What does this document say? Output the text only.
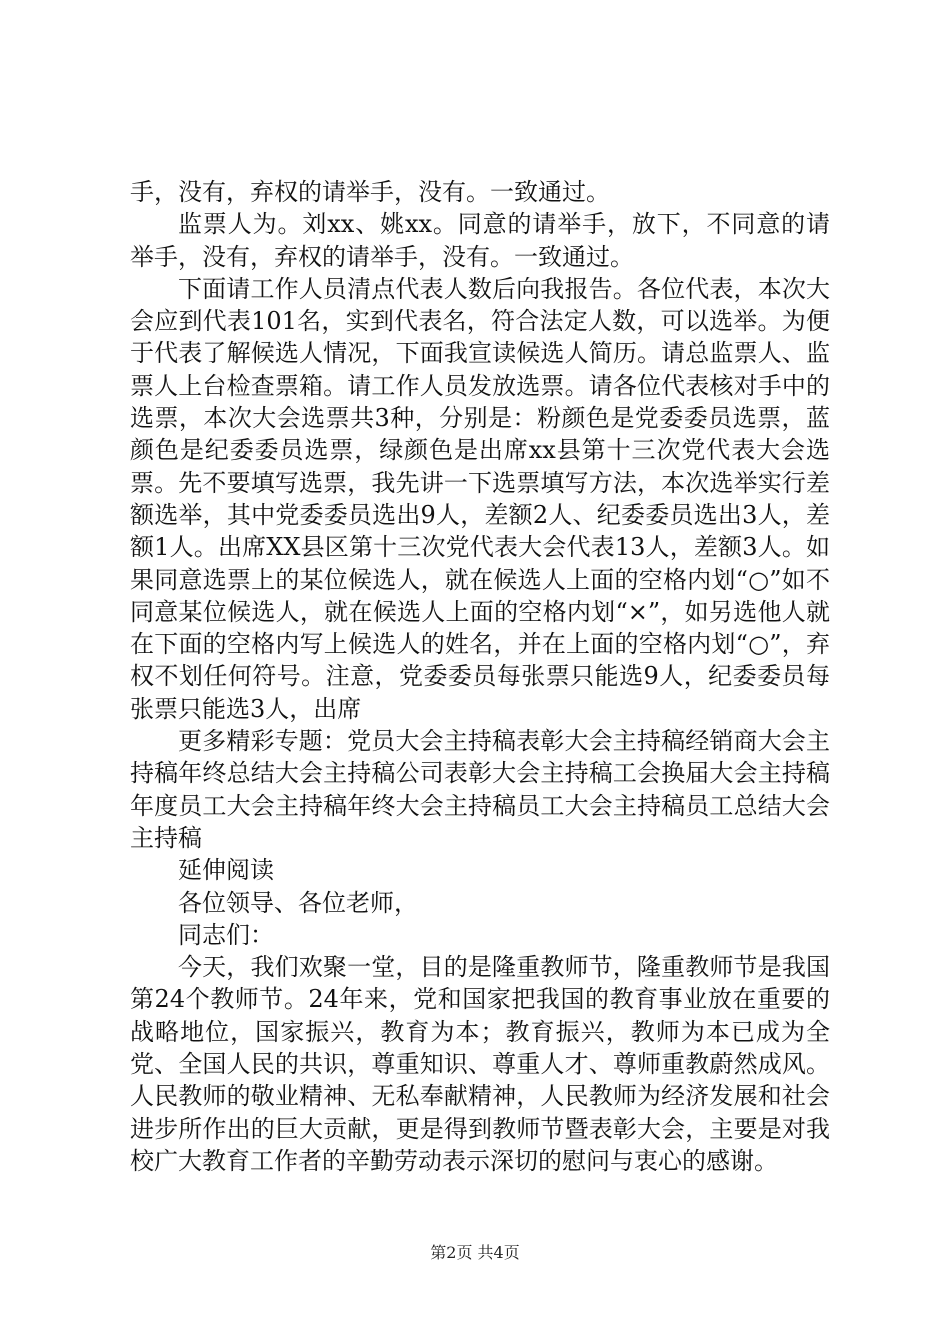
手，没有，弃权的请举手，没有。一致通过。

监票人为。刘xx、姚xx。同意的请举手，放下，不同意的请举手，没有，弃权的请举手，没有。一致通过。

下面请工作人员清点代表人数后向我报告。各位代表，本次大会应到代表101名，实到代表名，符合法定人数，可以选举。为便于代表了解候选人情况，下面我宣读候选人简历。请总监票人、监票人上台检查票箱。请工作人员发放选票。请各位代表核对手中的选票，本次大会选票共3种，分别是：粉颜色是党委委员选票，蓝颜色是纪委委员选票，绿颜色是出席xx县第十三次党代表大会选票。先不要填写选票，我先讲一下选票填写方法，本次选举实行差额选举，其中党委委员选出9人，差额2人、纪委委员选出3人，差额1人。出席XX县区第十三次党代表大会代表13人，差额3人。如果同意选票上的某位候选人，就在候选人上面的空格内划“○”如不同意某位候选人，就在候选人上面的空格内划“×”，如另选他人就在下面的空格内写上候选人的姓名，并在上面的空格内划“○”，弃权不划任何符号。注意，党委委员每张票只能选9人，纪委委员每张票只能选3人，出席

更多精彩专题：党员大会主持稿表彰大会主持稿经销商大会主持稿年终总结大会主持稿公司表彰大会主持稿工会换届大会主持稿年度员工大会主持稿年终大会主持稿员工大会主持稿员工总结大会主持稿

延伸阅读

各位领导、各位老师，

同志们：

今天，我们欢聚一堂，目的是隆重教师节，隆重教师节是我国第24个教师节。24年来，党和国家把我国的教育事业放在重要的战略地位，国家振兴，教育为本；教育振兴，教师为本已成为全党、全国人民的共识，尊重知识、尊重人才、尊师重教蔚然成风。人民教师的敬业精神、无私奉献精神，人民教师为经济发展和社会进步所作出的巨大贡献，更是得到教师节暨表彰大会，主要是对我校广大教育工作者的辛勤劳动表示深切的慰问与衷心的感谢。

第2页 共4页
